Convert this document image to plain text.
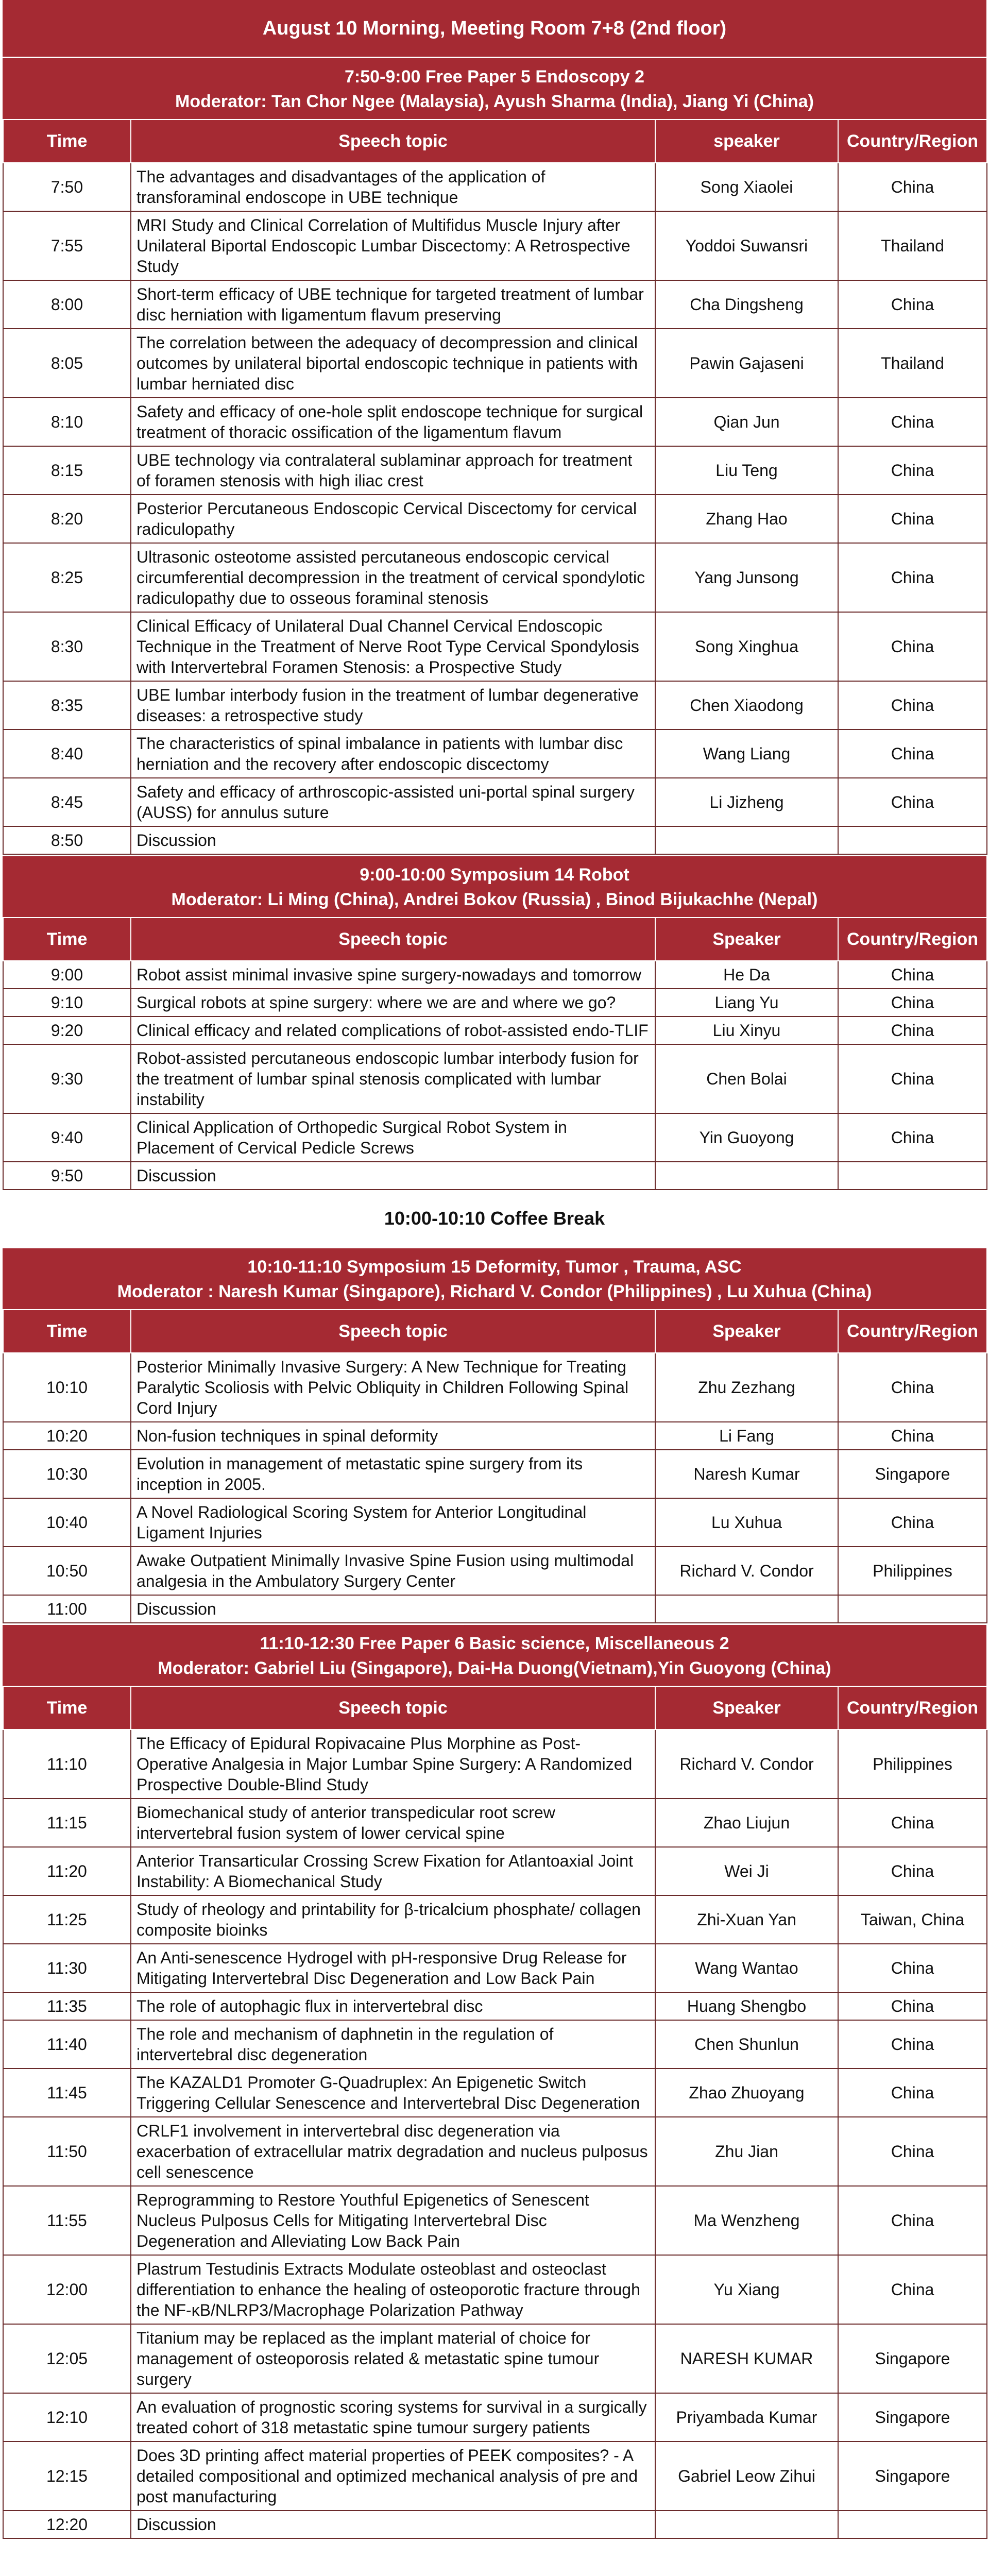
August 10 Morning, Meeting Room 7+8 (2nd floor)
7:50-9:00 Free Paper 5 Endoscopy 2
Moderator: Tan Chor Ngee (Malaysia), Ayush Sharma (India), Jiang Yi (China)
Time	Speech topic	speaker	Country/Region
7:50	The advantages and disadvantages of the application of transforaminal endoscope in UBE technique	Song Xiaolei	China
7:55	MRI Study and Clinical Correlation of Multifidus Muscle Injury after Unilateral Biportal Endoscopic Lumbar Discectomy: A Retrospective Study	Yoddoi Suwansri	Thailand
8:00	Short-term efficacy of UBE technique for targeted treatment of lumbar disc herniation with ligamentum flavum preserving	Cha Dingsheng	China
8:05	The correlation between the adequacy of decompression and clinical outcomes by unilateral biportal endoscopic technique in patients with lumbar herniated disc	Pawin Gajaseni	Thailand
8:10	Safety and efficacy of one-hole split endoscope technique for surgical treatment of thoracic ossification of the ligamentum flavum	Qian Jun	China
8:15	UBE technology via contralateral sublaminar approach for treatment of foramen stenosis with high iliac crest	Liu Teng	China
8:20	Posterior Percutaneous Endoscopic Cervical Discectomy for cervical radiculopathy	Zhang Hao	China
8:25	Ultrasonic osteotome assisted percutaneous endoscopic cervical circumferential decompression in the treatment of cervical spondylotic radiculopathy due to osseous foraminal stenosis	Yang Junsong	China
8:30	Clinical Efficacy of Unilateral Dual Channel Cervical Endoscopic Technique in the Treatment of Nerve Root Type Cervical Spondylosis with Intervertebral Foramen Stenosis: a Prospective Study	Song Xinghua	China
8:35	UBE lumbar interbody fusion in the treatment of lumbar degenerative diseases: a retrospective study	Chen Xiaodong	China
8:40	The characteristics of spinal imbalance in patients with lumbar disc herniation and the recovery after endoscopic discectomy	Wang Liang	China
8:45	Safety and efficacy of arthroscopic-assisted uni-portal spinal surgery (AUSS) for annulus suture	Li Jizheng	China
8:50	Discussion		
9:00-10:00 Symposium 14 Robot
Moderator: Li Ming (China), Andrei Bokov (Russia) , Binod Bijukachhe (Nepal)
Time	Speech topic	Speaker	Country/Region
9:00	Robot assist minimal invasive spine surgery-nowadays and tomorrow	He Da	China
9:10	Surgical robots at spine surgery: where we are and where we go?	Liang Yu	China
9:20	Clinical efficacy and related complications of robot-assisted endo-TLIF	Liu Xinyu	China
9:30	Robot-assisted percutaneous endoscopic lumbar interbody fusion for the treatment of lumbar spinal stenosis complicated with lumbar instability	Chen Bolai	China
9:40	Clinical Application of Orthopedic Surgical Robot System in Placement of Cervical Pedicle Screws	Yin Guoyong	China
9:50	Discussion		
10:00-10:10 Coffee Break
10:10-11:10 Symposium 15 Deformity, Tumor , Trauma, ASC
Moderator : Naresh Kumar (Singapore), Richard V. Condor (Philippines) , Lu Xuhua (China)
Time	Speech topic	Speaker	Country/Region
10:10	Posterior Minimally Invasive Surgery: A New Technique for Treating Paralytic Scoliosis with Pelvic Obliquity in Children Following Spinal Cord Injury	Zhu Zezhang	China
10:20	Non-fusion techniques in spinal deformity	Li Fang	China
10:30	Evolution in management of metastatic spine surgery from its inception in 2005.	Naresh Kumar	Singapore
10:40	A Novel Radiological Scoring System for Anterior Longitudinal Ligament Injuries	Lu Xuhua	China
10:50	Awake Outpatient Minimally Invasive Spine Fusion using multimodal analgesia in the Ambulatory Surgery Center	Richard V. Condor	Philippines
11:00	Discussion		
11:10-12:30 Free Paper 6 Basic science, Miscellaneous 2
Moderator: Gabriel Liu (Singapore), Dai-Ha Duong(Vietnam),Yin Guoyong (China)
Time	Speech topic	Speaker	Country/Region
11:10	The Efficacy of Epidural Ropivacaine Plus Morphine as Post-Operative Analgesia in Major Lumbar Spine Surgery: A Randomized Prospective Double-Blind Study	Richard V. Condor	Philippines
11:15	Biomechanical study of anterior transpedicular root screw intervertebral fusion system of lower cervical spine	Zhao Liujun	China
11:20	Anterior Transarticular Crossing Screw Fixation for Atlantoaxial Joint Instability: A Biomechanical Study	Wei Ji	China
11:25	Study of rheology and printability for β-tricalcium phosphate/ collagen composite bioinks	Zhi-Xuan Yan	Taiwan, China
11:30	An Anti-senescence Hydrogel with pH-responsive Drug Release for Mitigating Intervertebral Disc Degeneration and Low Back Pain	Wang Wantao	China
11:35	The role of autophagic flux in intervertebral disc	Huang Shengbo	China
11:40	The role and mechanism of daphnetin in the regulation of intervertebral disc degeneration	Chen Shunlun	China
11:45	The KAZALD1 Promoter G-Quadruplex: An Epigenetic Switch Triggering Cellular Senescence and Intervertebral Disc Degeneration	Zhao Zhuoyang	China
11:50	CRLF1 involvement in intervertebral disc degeneration via exacerbation of extracellular matrix degradation and nucleus pulposus cell senescence	Zhu Jian	China
11:55	Reprogramming to Restore Youthful Epigenetics of Senescent Nucleus Pulposus Cells for Mitigating Intervertebral Disc Degeneration and Alleviating Low Back Pain	Ma Wenzheng	China
12:00	Plastrum Testudinis Extracts Modulate osteoblast and osteoclast differentiation to enhance the healing of osteoporotic fracture through the NF-κB/NLRP3/Macrophage Polarization Pathway	Yu Xiang	China
12:05	Titanium may be replaced as the implant material of choice for management of osteoporosis related & metastatic spine tumour surgery	NARESH KUMAR	Singapore
12:10	An evaluation of prognostic scoring systems for survival in a surgically treated cohort of 318 metastatic spine tumour surgery patients	Priyambada Kumar	Singapore
12:15	Does 3D printing affect material properties of PEEK composites? - A detailed compositional and optimized mechanical analysis of pre and post manufacturing	Gabriel Leow Zihui	Singapore
12:20	Discussion		
